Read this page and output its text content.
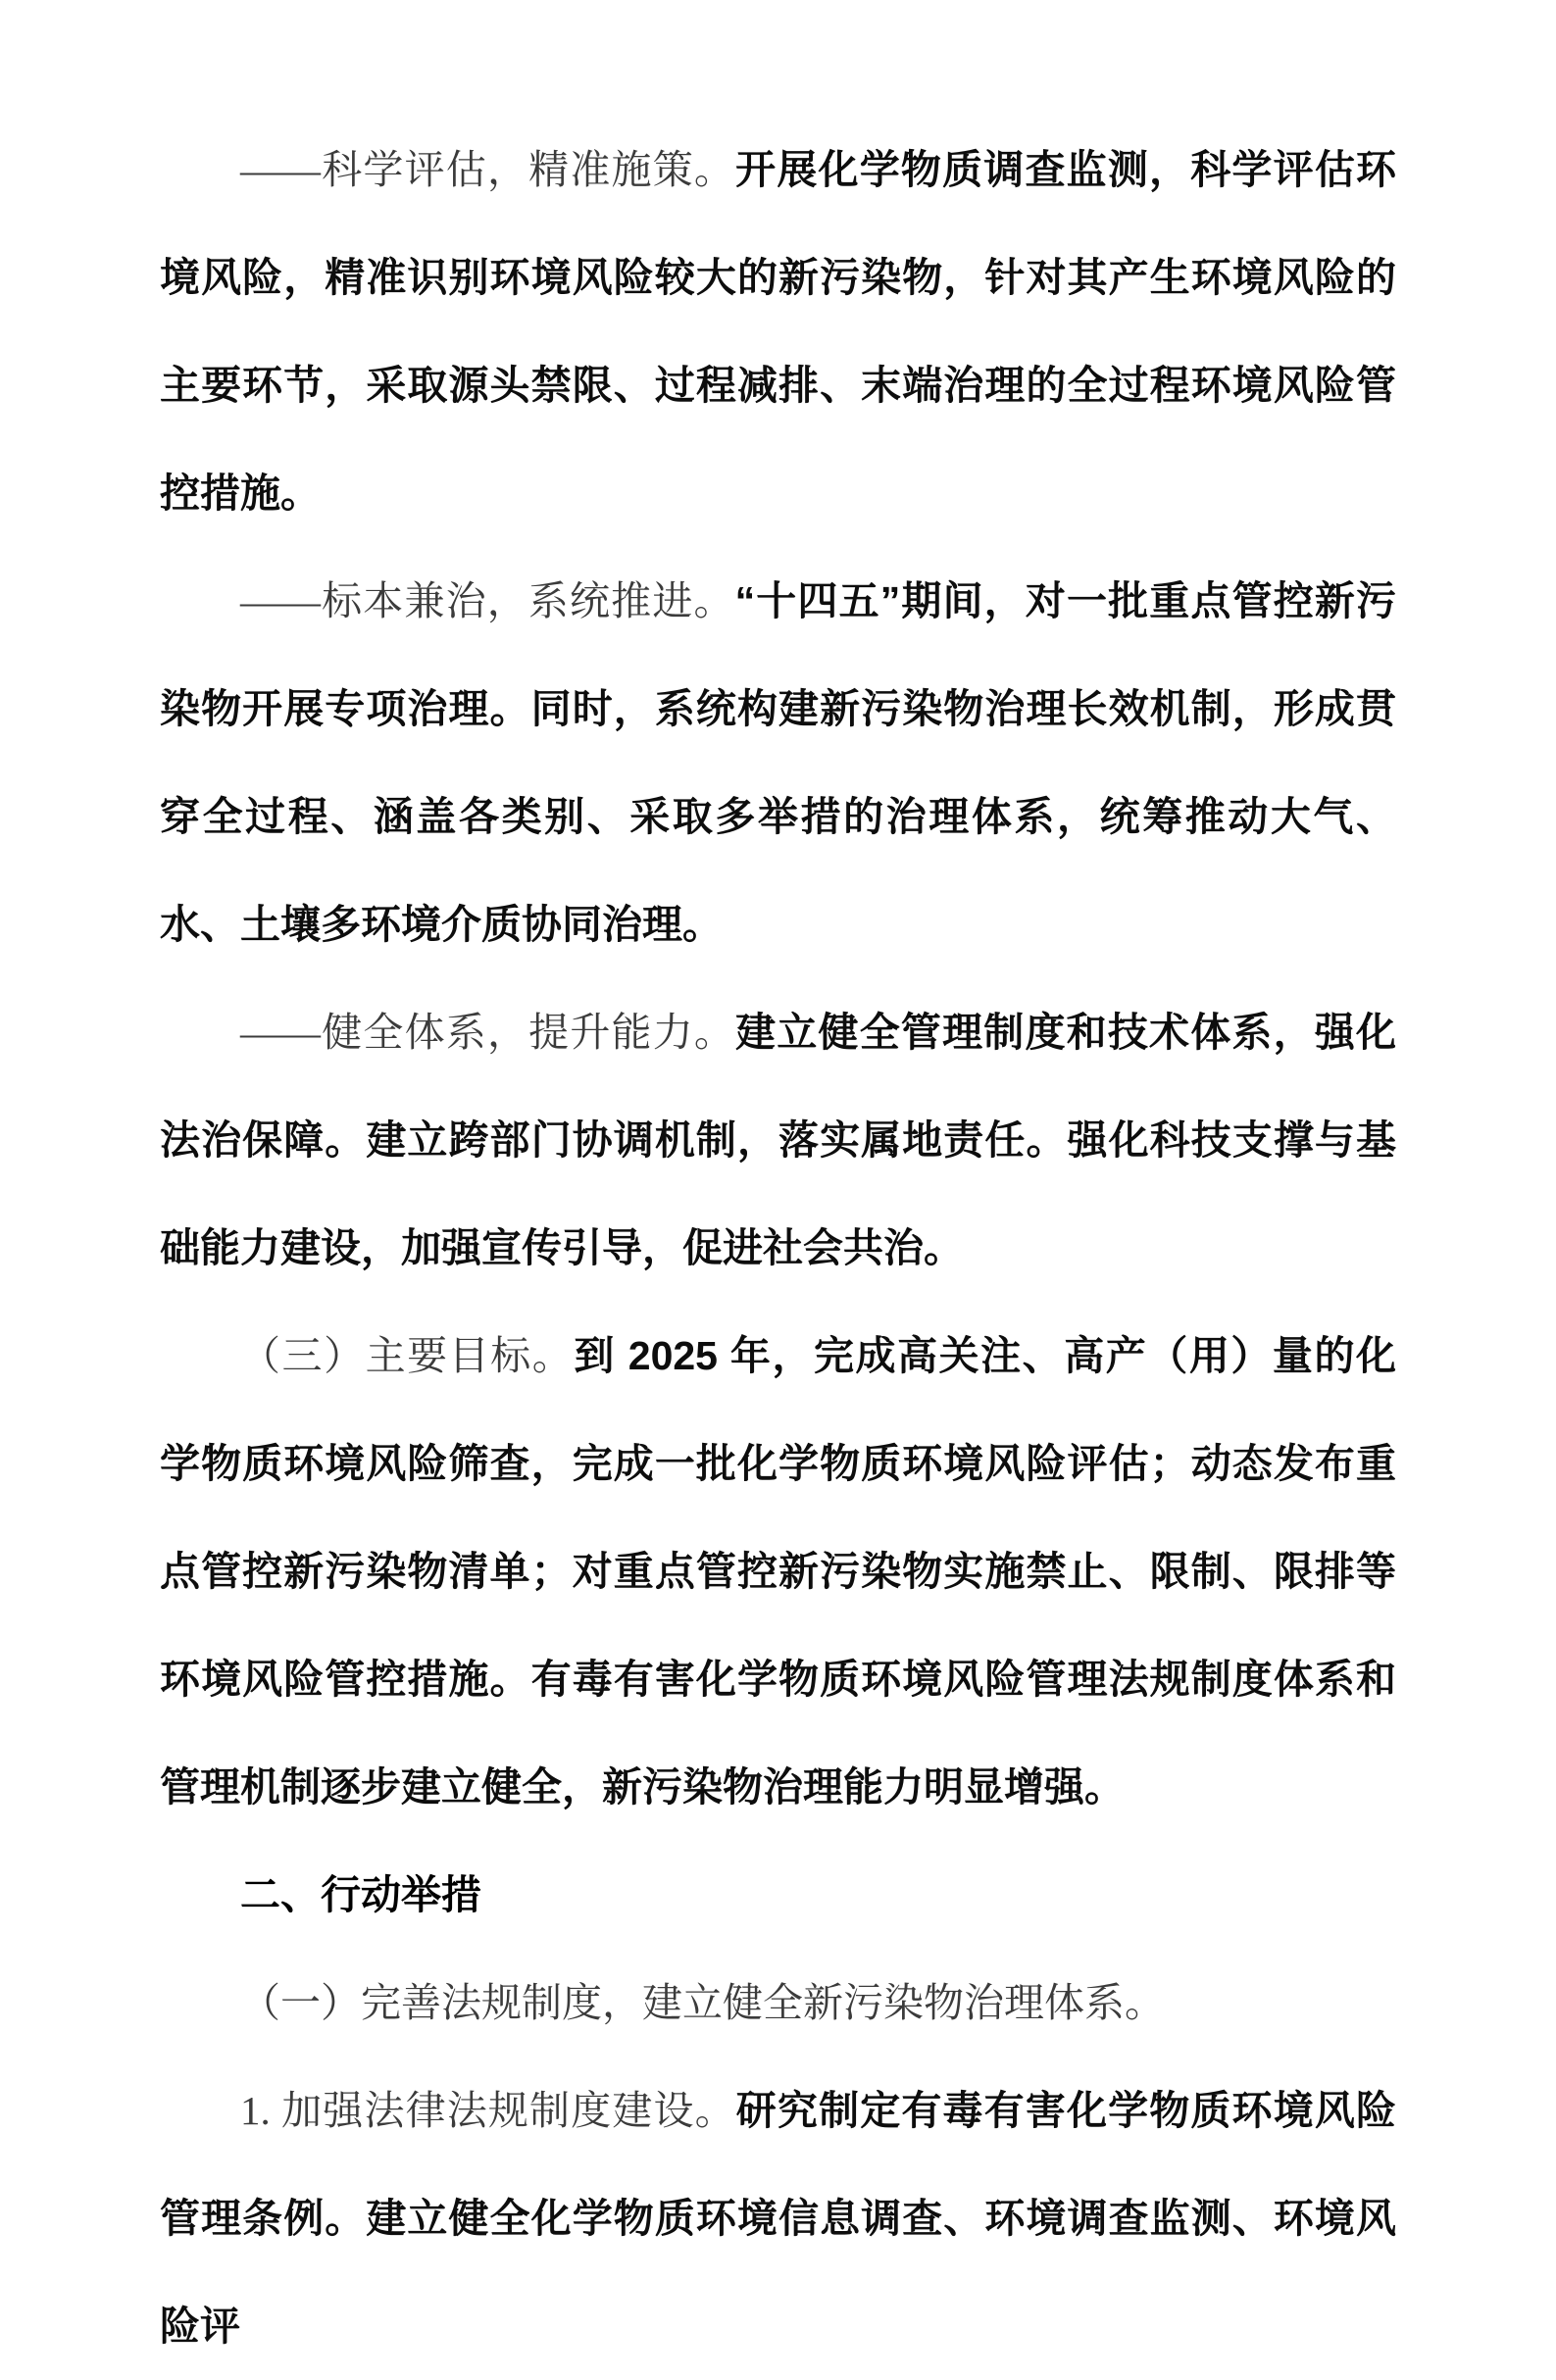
——科学评估，精准施策。开展化学物质调查监测，科学评估环境风险，精准识别环境风险较大的新污染物，针对其产生环境风险的主要环节，采取源头禁限、过程减排、末端治理的全过程环境风险管控措施。

——标本兼治，系统推进。“十四五”期间，对一批重点管控新污染物开展专项治理。同时，系统构建新污染物治理长效机制，形成贯穿全过程、涵盖各类别、采取多举措的治理体系，统筹推动大气、水、土壤多环境介质协同治理。

——健全体系，提升能力。建立健全管理制度和技术体系，强化法治保障。建立跨部门协调机制，落实属地责任。强化科技支撑与基础能力建设，加强宣传引导，促进社会共治。

（三）主要目标。到 2025 年，完成高关注、高产（用）量的化学物质环境风险筛查，完成一批化学物质环境风险评估；动态发布重点管控新污染物清单；对重点管控新污染物实施禁止、限制、限排等环境风险管控措施。有毒有害化学物质环境风险管理法规制度体系和管理机制逐步建立健全，新污染物治理能力明显增强。

二、行动举措

（一）完善法规制度，建立健全新污染物治理体系。

1. 加强法律法规制度建设。研究制定有毒有害化学物质环境风险管理条例。建立健全化学物质环境信息调查、环境调查监测、环境风险评
